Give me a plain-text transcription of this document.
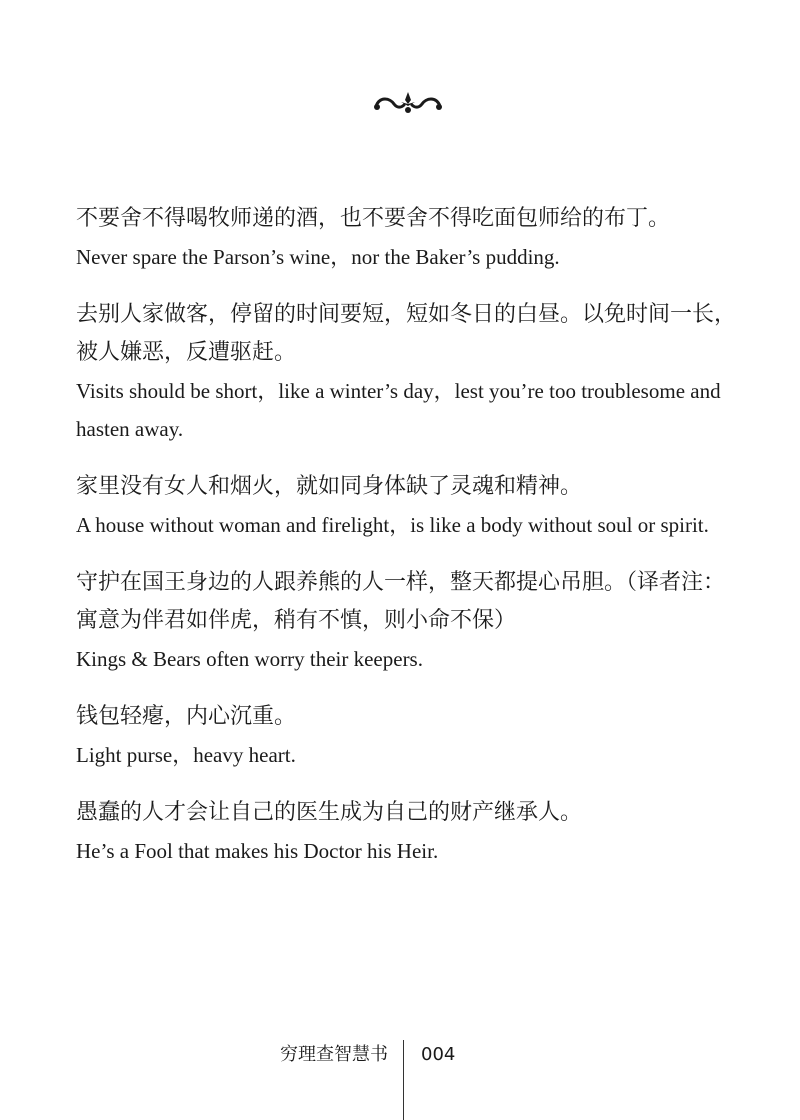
不要舍不得喝牧师递的酒，也不要舍不得吃面包师给的布丁。

Never spare the Parson’s wine，nor the Baker’s pudding.

去别人家做客，停留的时间要短，短如冬日的白昼。以免时间一长，被人嫌恶，反遭驱赶。

Visits should be short，like a winter’s day，lest you’re too troublesome and hasten away.

家里没有女人和烟火，就如同身体缺了灵魂和精神。

A house without woman and firelight，is like a body without soul or spirit.

守护在国王身边的人跟养熊的人一样，整天都提心吊胆。（译者注：寓意为伴君如伴虎，稍有不慎，则小命不保）

Kings & Bears often worry their keepers.

钱包轻瘪，内心沉重。

Light purse，heavy heart.

愚蠢的人才会让自己的医生成为自己的财产继承人。

He’s a Fool that makes his Doctor his Heir.

穷理查智慧书 004
